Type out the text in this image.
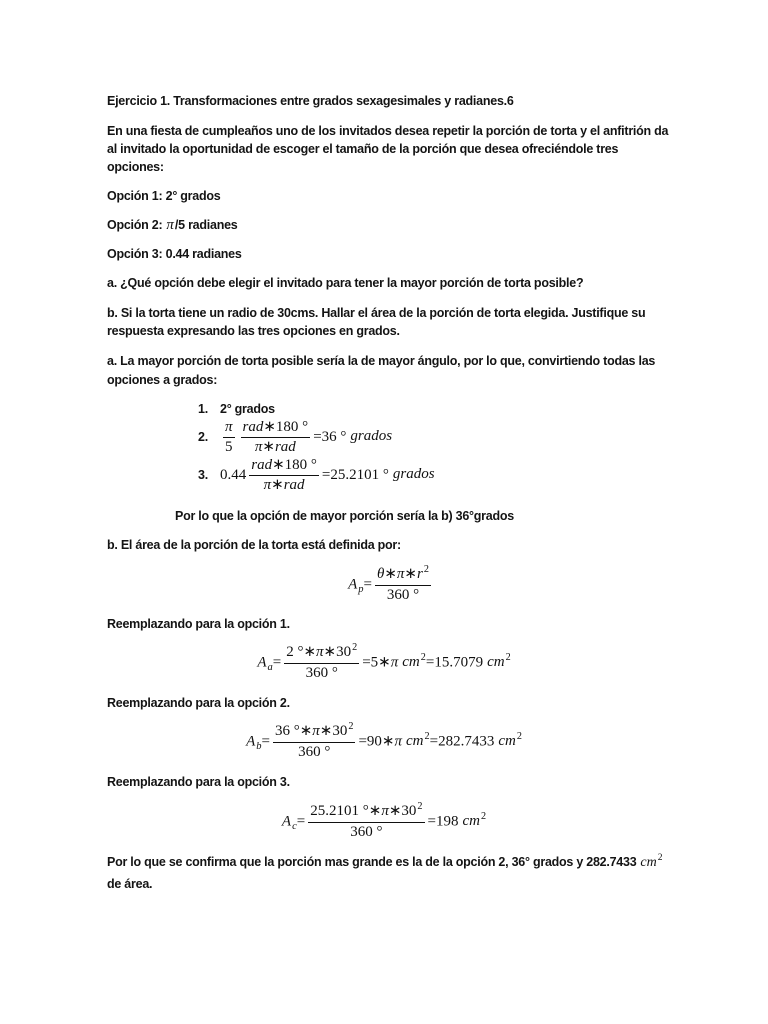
Ejercicio 1. Transformaciones entre grados sexagesimales y radianes.6
En una fiesta de cumpleaños uno de los invitados desea repetir la porción de torta y el anfitrión da
al invitado la oportunidad de escoger el tamaño de la porción que desea ofreciéndole tres
opciones:
Opción 1: 2° grados
Opción 2: π/5 radianes
Opción 3: 0.44 radianes
a. ¿Qué opción debe elegir el invitado para tener la mayor porción de torta posible?
b. Si la torta tiene un radio de 30cms. Hallar el área de la porción de torta elegida. Justifique su
respuesta expresando las tres opciones en grados.
a. La mayor porción de torta posible sería la de mayor ángulo, por lo que, convirtiendo todas las
opciones a grados:
1. 2° grados
2.	$\frac{\pi}{5} \frac{\text{rad∗180 °}}{\text{π∗rad}} =36$ ° grados
3. $0.44 \frac{\text{rad∗180 °}}{\text{π∗rad}} =25.2101$ ° grados
Por lo que la opción de mayor porción sería la b) 36°grados
b. El área de la porción de la torta está definida por:
$A_p= \frac{\theta∗\pi∗r^2}{360 ^\circ}$
Reemplazando para la opción 1.
$A_a= \frac{2 ^\circ∗\pi∗30^2}{360 ^\circ}$ =5∗π $cm^2=15.7079$ $cm^2$
Reemplazando para la opción 2.
$A_b= \frac{36 ^\circ∗\pi∗30^2}{360 ^\circ}$ =90∗π $cm^2=282.7433$ $cm^2$
Reemplazando para la opción 3.
$A_c= \frac{25.2101 ^\circ∗\pi∗30^2}{360 ^\circ} =198$ $cm^2$
Por lo que se confirma que la porción mas grande es la de la opción 2, 36° grados y 282.7433 $cm^2$
de área.
